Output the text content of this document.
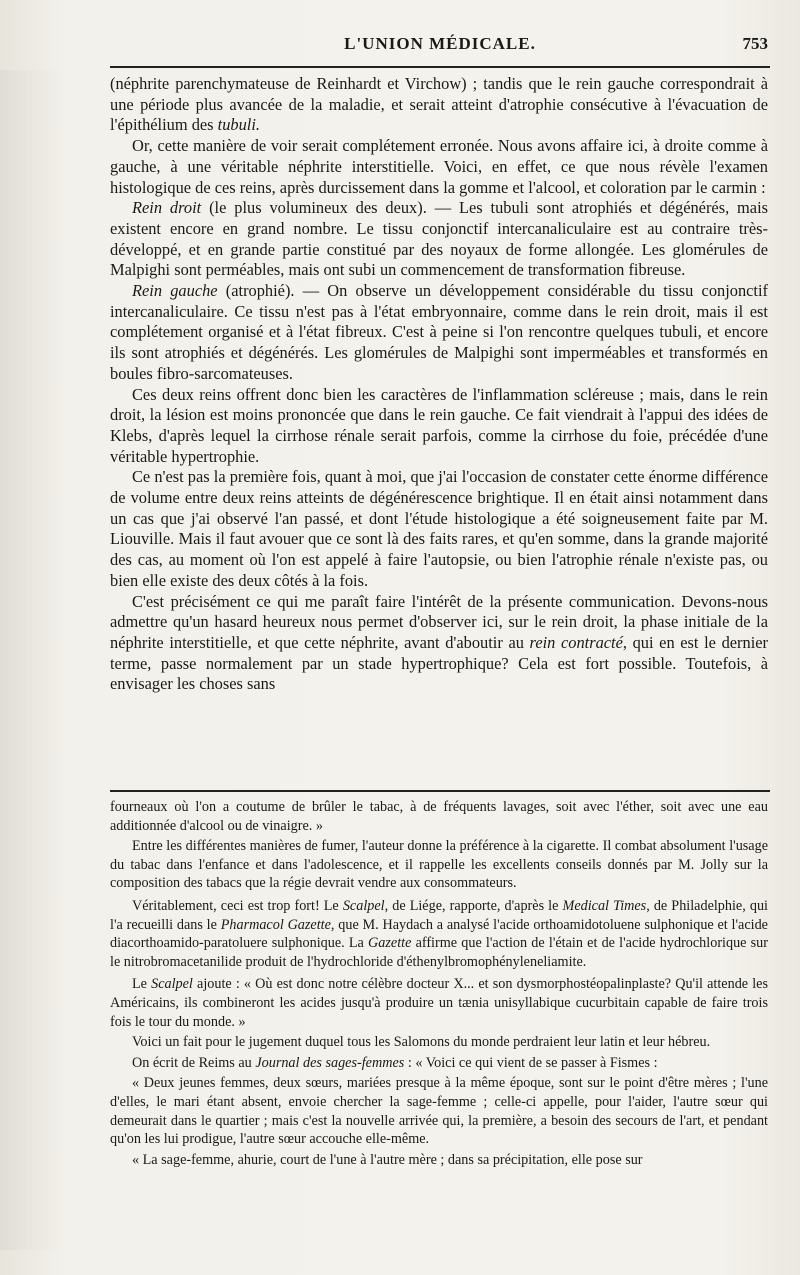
L'UNION MÉDICALE.	753

(néphrite parenchymateuse de Reinhardt et Virchow) ; tandis que le rein gauche correspondrait à une période plus avancée de la maladie, et serait atteint d'atrophie consécutive à l'évacuation de l'épithélium des tubuli.

Or, cette manière de voir serait complétement erronée. Nous avons affaire ici, à droite comme à gauche, à une véritable néphrite interstitielle. Voici, en effet, ce que nous révèle l'examen histologique de ces reins, après durcissement dans la gomme et l'alcool, et coloration par le carmin :

Rein droit (le plus volumineux des deux). — Les tubuli sont atrophiés et dégénérés, mais existent encore en grand nombre. Le tissu conjonctif intercanaliculaire est au contraire très-développé, et en grande partie constitué par des noyaux de forme allongée. Les glomérules de Malpighi sont perméables, mais ont subi un commencement de transformation fibreuse.

Rein gauche (atrophié). — On observe un développement considérable du tissu conjonctif intercanaliculaire. Ce tissu n'est pas à l'état embryonnaire, comme dans le rein droit, mais il est complétement organisé et à l'état fibreux. C'est à peine si l'on rencontre quelques tubuli, et encore ils sont atrophiés et dégénérés. Les glomérules de Malpighi sont imperméables et transformés en boules fibro-sarcomateuses.

Ces deux reins offrent donc bien les caractères de l'inflammation scléreuse ; mais, dans le rein droit, la lésion est moins prononcée que dans le rein gauche. Ce fait viendrait à l'appui des idées de Klebs, d'après lequel la cirrhose rénale serait parfois, comme la cirrhose du foie, précédée d'une véritable hypertrophie.

Ce n'est pas la première fois, quant à moi, que j'ai l'occasion de constater cette énorme différence de volume entre deux reins atteints de dégénérescence brightique. Il en était ainsi notamment dans un cas que j'ai observé l'an passé, et dont l'étude histologique a été soigneusement faite par M. Liouville. Mais il faut avouer que ce sont là des faits rares, et qu'en somme, dans la grande majorité des cas, au moment où l'on est appelé à faire l'autopsie, ou bien l'atrophie rénale n'existe pas, ou bien elle existe des deux côtés à la fois.

C'est précisément ce qui me paraît faire l'intérêt de la présente communication. Devons-nous admettre qu'un hasard heureux nous permet d'observer ici, sur le rein droit, la phase initiale de la néphrite interstitielle, et que cette néphrite, avant d'aboutir au rein contracté, qui en est le dernier terme, passe normalement par un stade hypertrophique? Cela est fort possible. Toutefois, à envisager les choses sans

fourneaux où l'on a coutume de brûler le tabac, à de fréquents lavages, soit avec l'éther, soit avec une eau additionnée d'alcool ou de vinaigre. »

Entre les différentes manières de fumer, l'auteur donne la préférence à la cigarette. Il combat absolument l'usage du tabac dans l'enfance et dans l'adolescence, et il rappelle les excellents conseils donnés par M. Jolly sur la composition des tabacs que la régie devrait vendre aux consommateurs.

Véritablement, ceci est trop fort! Le Scalpel, de Liége, rapporte, d'après le Medical Times, de Philadelphie, qui l'a recueilli dans le Pharmacol Gazette, que M. Haydach a analysé l'acide orthoamidotoluene sulphonique et l'acide diacorthoamido-paratoluere sulphonique. La Gazette affirme que l'action de l'étain et de l'acide hydrochlorique sur le nitrobromacetanilide produit de l'hydrochloride d'éthenylbromophényleneliamite.

Le Scalpel ajoute : « Où est donc notre célèbre docteur X... et son dysmorphostéopalinplaste? Qu'il attende les Américains, ils combineront les acides jusqu'à produire un tænia unisyllabique cucurbitain capable de faire trois fois le tour du monde. »

Voici un fait pour le jugement duquel tous les Salomons du monde perdraient leur latin et leur hébreu.

On écrit de Reims au Journal des sages-femmes : « Voici ce qui vient de se passer à Fismes :

« Deux jeunes femmes, deux sœurs, mariées presque à la même époque, sont sur le point d'être mères ; l'une d'elles, le mari étant absent, envoie chercher la sage-femme ; celle-ci appelle, pour l'aider, l'autre sœur qui demeurait dans le quartier ; mais c'est la nouvelle arrivée qui, la première, a besoin des secours de l'art, et pendant qu'on les lui prodigue, l'autre sœur accouche elle-même.

« La sage-femme, ahurie, court de l'une à l'autre mère ; dans sa précipitation, elle pose sur
